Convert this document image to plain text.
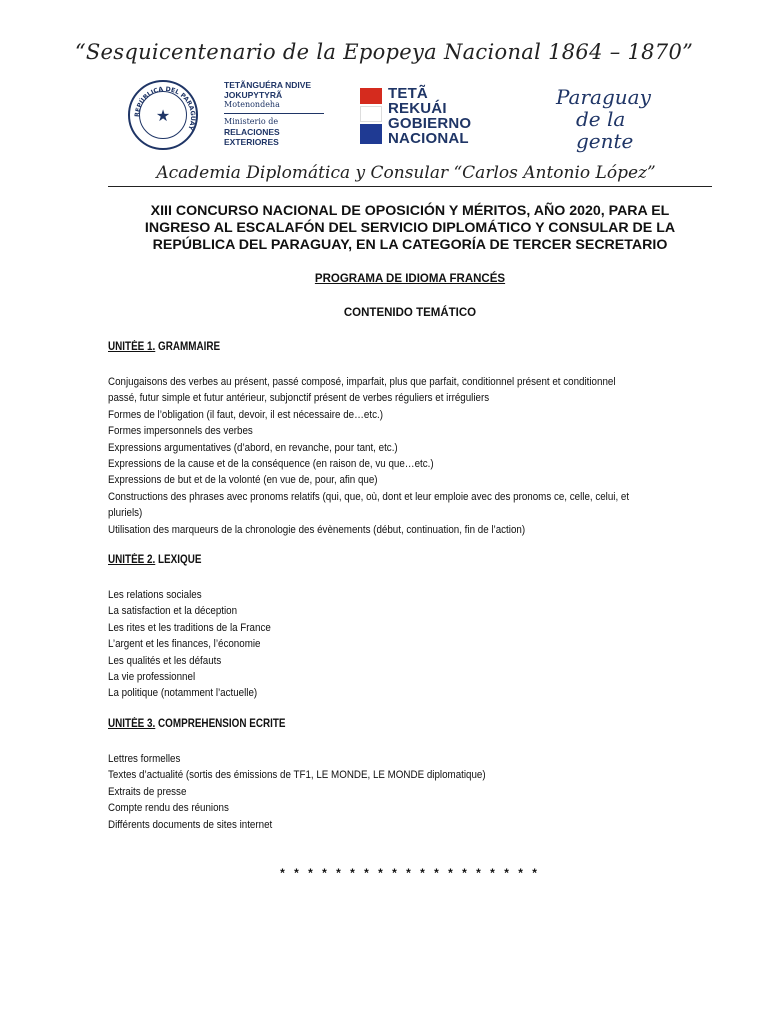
“Sesquicentenario de la Epopeya Nacional 1864 – 1870”
REPÚBLICA DEL PARAGUAY
★
TETÃNGUÉRA NDIVE
JOKUPYTYRÃ
Motenondeha
Ministerio de
RELACIONES
EXTERIORES
TETÃ
REKUÁI
GOBIERNO
NACIONAL
Paraguay
de la gente
Academia Diplomática y Consular “Carlos Antonio López”
XIII CONCURSO NACIONAL DE OPOSICIÓN Y MÉRITOS, AÑO 2020, PARA EL
INGRESO AL ESCALAFÓN DEL SERVICIO DIPLOMÁTICO Y CONSULAR DE LA
REPÚBLICA DEL PARAGUAY, EN LA CATEGORÍA DE TERCER SECRETARIO
PROGRAMA DE IDIOMA FRANCÉS
CONTENIDO TEMÁTICO
UNITÉE 1. GRAMMAIRE
Conjugaisons des verbes au présent, passé composé, imparfait, plus que parfait, conditionnel présent et conditionnel
passé, futur simple et futur antérieur, subjonctif présent de verbes réguliers et irréguliers
Formes de l’obligation (il faut, devoir, il est nécessaire de…etc.)
Formes impersonnels des verbes
Expressions argumentatives (d’abord, en revanche, pour tant, etc.)
Expressions de la cause et de la conséquence (en raison de, vu que…etc.)
Expressions de but et de la volonté (en vue de, pour, afin que)
Constructions des phrases avec pronoms relatifs (qui, que, où, dont et leur emploie avec des pronoms ce, celle, celui, et
pluriels)
Utilisation des marqueurs de la chronologie des évènements (début, continuation, fin de l’action)
UNITÉE 2. LEXIQUE
Les relations sociales
La satisfaction et la déception
Les rites et les traditions de la France
L’argent et les finances, l’économie
Les qualités et les défauts
La vie professionnel
La politique (notamment l’actuelle)
UNITÉE 3. COMPREHENSION ECRITE
Lettres formelles
Textes d’actualité (sortis des émissions de TF1, LE MONDE, LE MONDE diplomatique)
Extraits de presse
Compte rendu des réunions
Différents documents de sites internet
* * * * * * * * * * * * * * * * * * *
